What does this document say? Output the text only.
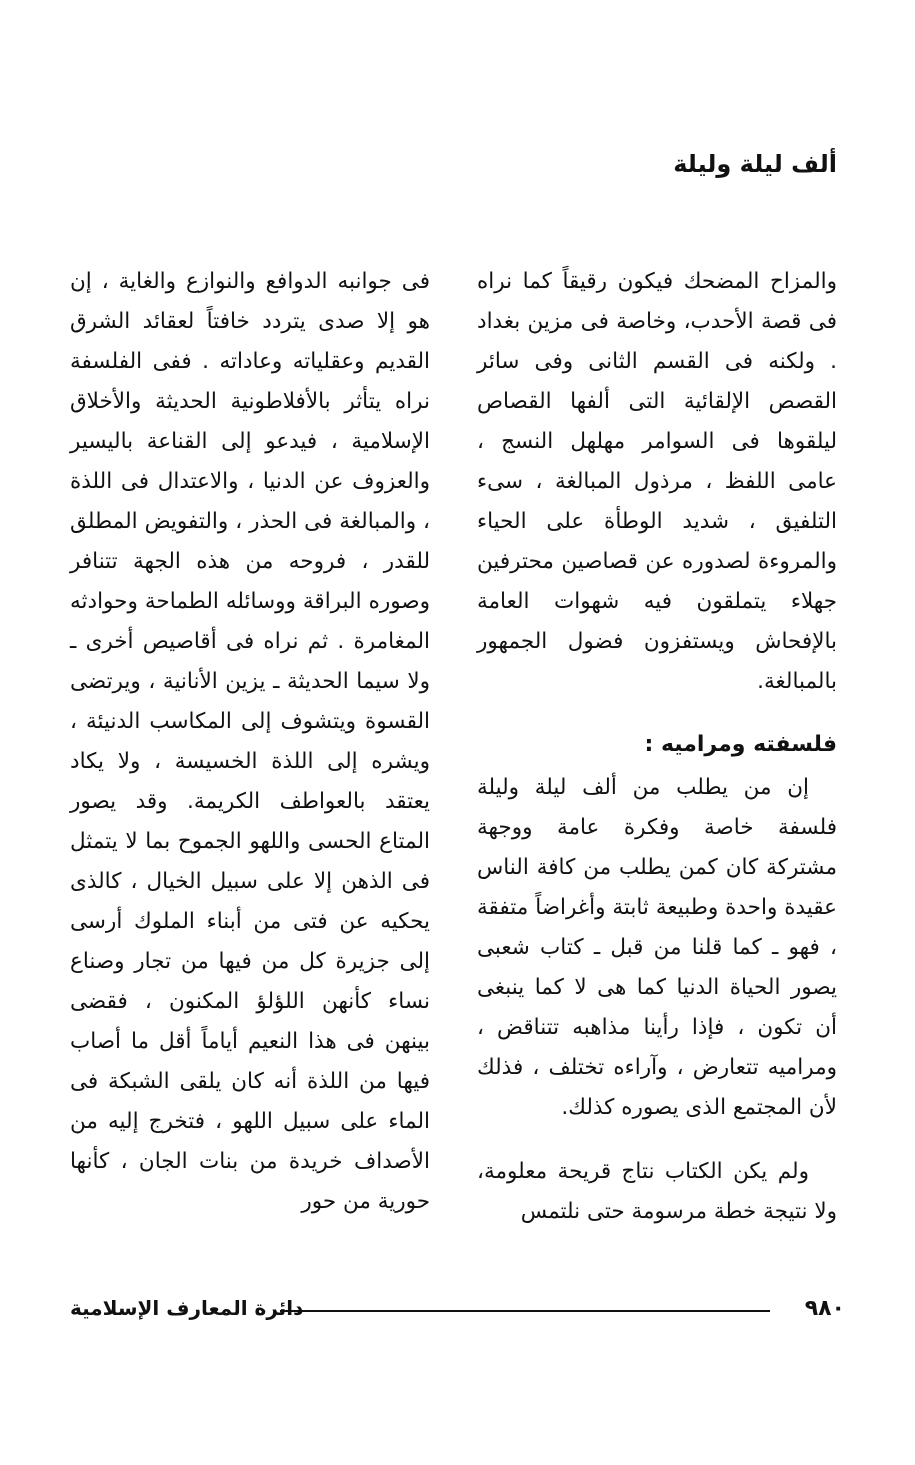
ألف ليلة وليلة

والمزاح المضحك فيكون رقيقاً كما نراه فى قصة الأحدب، وخاصة فى مزين بغداد . ولكنه فى القسم الثانى وفى سائر القصص الإلقائية التى ألفها القصاص ليلقوها فى السوامر مهلهل النسج ، عامى اللفظ ، مرذول المبالغة ، سىء التلفيق ، شديد الوطأة على الحياء والمروءة لصدوره عن قصاصين محترفين جهلاء يتملقون فيه شهوات العامة بالإفحاش ويستفزون فضول الجمهور بالمبالغة.

فلسفته ومراميه :

إن من يطلب من ألف ليلة وليلة فلسفة خاصة وفكرة عامة ووجهة مشتركة كان كمن يطلب من كافة الناس عقيدة واحدة وطبيعة ثابتة وأغراضاً متفقة ، فهو ـ كما قلنا من قبل ـ كتاب شعبى يصور الحياة الدنيا كما هى لا كما ينبغى أن تكون ، فإذا رأينا مذاهبه تتناقض ، ومراميه تتعارض ، وآراءه تختلف ، فذلك لأن المجتمع الذى يصوره كذلك.

ولم يكن الكتاب نتاج قريحة معلومة، ولا نتيجة خطة مرسومة حتى نلتمس

فى جوانبه الدوافع والنوازع والغاية ، إن هو إلا صدى يتردد خافتاً لعقائد الشرق القديم وعقلياته وعاداته . ففى الفلسفة نراه يتأثر بالأفلاطونية الحديثة والأخلاق الإسلامية ، فيدعو إلى القناعة باليسير والعزوف عن الدنيا ، والاعتدال فى اللذة ، والمبالغة فى الحذر ، والتفويض المطلق للقدر ، فروحه من هذه الجهة تتنافر وصوره البراقة ووسائله الطماحة وحوادثه المغامرة . ثم نراه فى أقاصيص أخرى ـ ولا سيما الحديثة ـ يزين الأنانية ، ويرتضى القسوة ويتشوف إلى المكاسب الدنيئة ، ويشره إلى اللذة الخسيسة ، ولا يكاد يعتقد بالعواطف الكريمة. وقد يصور المتاع الحسى واللهو الجموح بما لا يتمثل فى الذهن إلا على سبيل الخيال ، كالذى يحكيه عن فتى من أبناء الملوك أرسى إلى جزيرة كل من فيها من تجار وصناع نساء كأنهن اللؤلؤ المكنون ، فقضى بينهن فى هذا النعيم أياماً أقل ما أصاب فيها من اللذة أنه كان يلقى الشبكة فى الماء على سبيل اللهو ، فتخرج إليه من الأصداف خريدة من بنات الجان ، كأنها حورية من حور

٩٨٠
دائرة المعارف الإسلامية
